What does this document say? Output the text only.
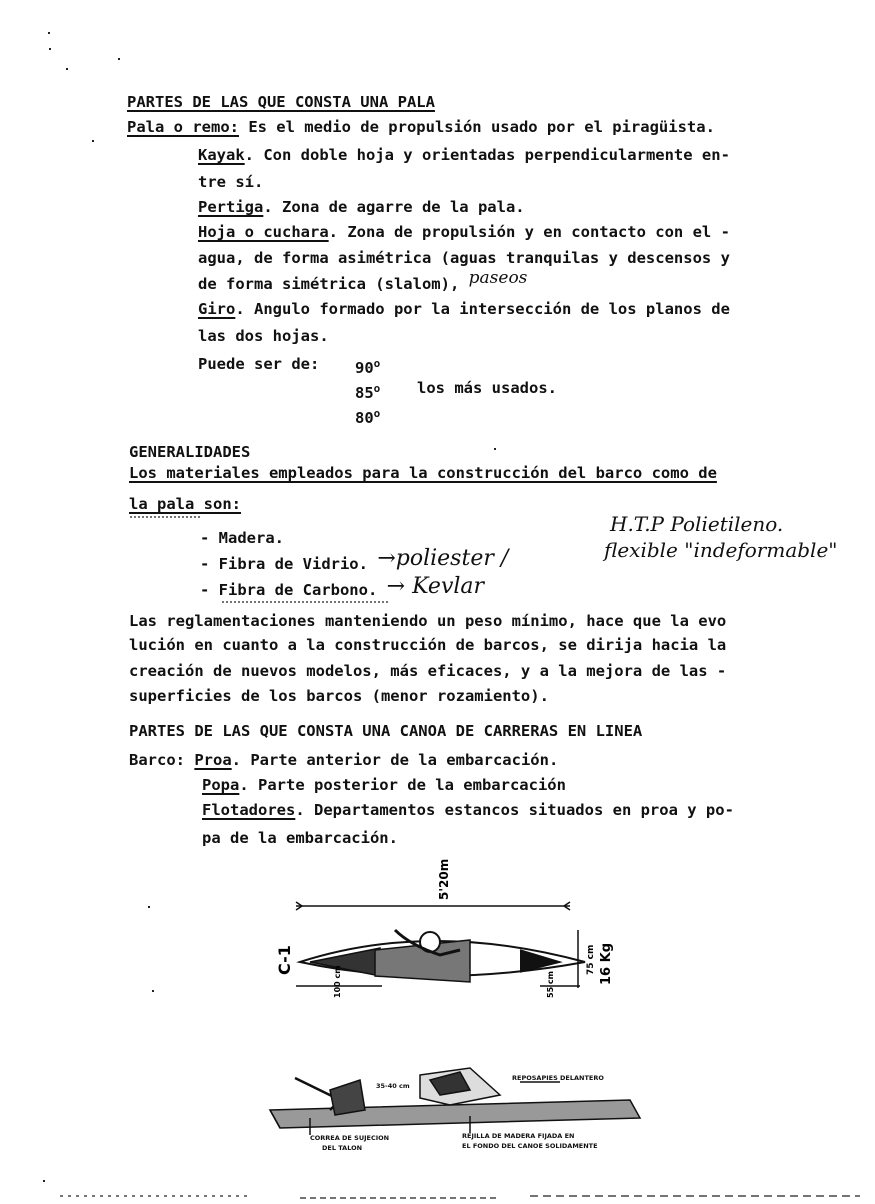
PARTES DE LAS QUE CONSTA UNA PALA
Pala o remo: Es el medio de propulsión usado por el piragüista.
Kayak. Con doble hoja y orientadas perpendicularmente en-
tre sí.
Pertiga. Zona de agarre de la pala.
Hoja o cuchara. Zona de propulsión y en contacto con el -
agua, de forma asimétrica (aguas tranquilas y descensos y
de forma simétrica (slalom), paseos
Giro. Angulo formado por la intersección de los planos de
las dos hojas.
Puede ser de: 90$^o$
85$^o$ los más usados.
80$^o$
GENERALIDADES
Los materiales empleados para la construcción del barco como de
la pala son:
- Madera.
- Fibra de Vidrio. →poliester /
- Fibra de Carbono. → Kevlar
H.T.P Polietileno.
flexible "indeformable"
Las reglamentaciones manteniendo un peso mínimo, hace que la evo
lución en cuanto a la construcción de barcos, se dirija hacia la
creación de nuevos modelos, más eficaces, y a la mejora de las -
superficies de los barcos (menor rozamiento).
PARTES DE LAS QUE CONSTA UNA CANOA DE CARRERAS EN LINEA
Barco: Proa. Parte anterior de la embarcación.
Popa. Parte posterior de la embarcación
Flotadores. Departamentos estancos situados en proa y po-
pa de la embarcación.
5'20m
C-1	16 Kg
75 cm
100 cm	55 cm
REPOSAPIES DELANTERO
CORREA DE SUJECION
DEL TALON
REJILLA DE MADERA FIJADA EN
EL FONDO DEL CANOE SOLIDAMENTE
35-40 cm
